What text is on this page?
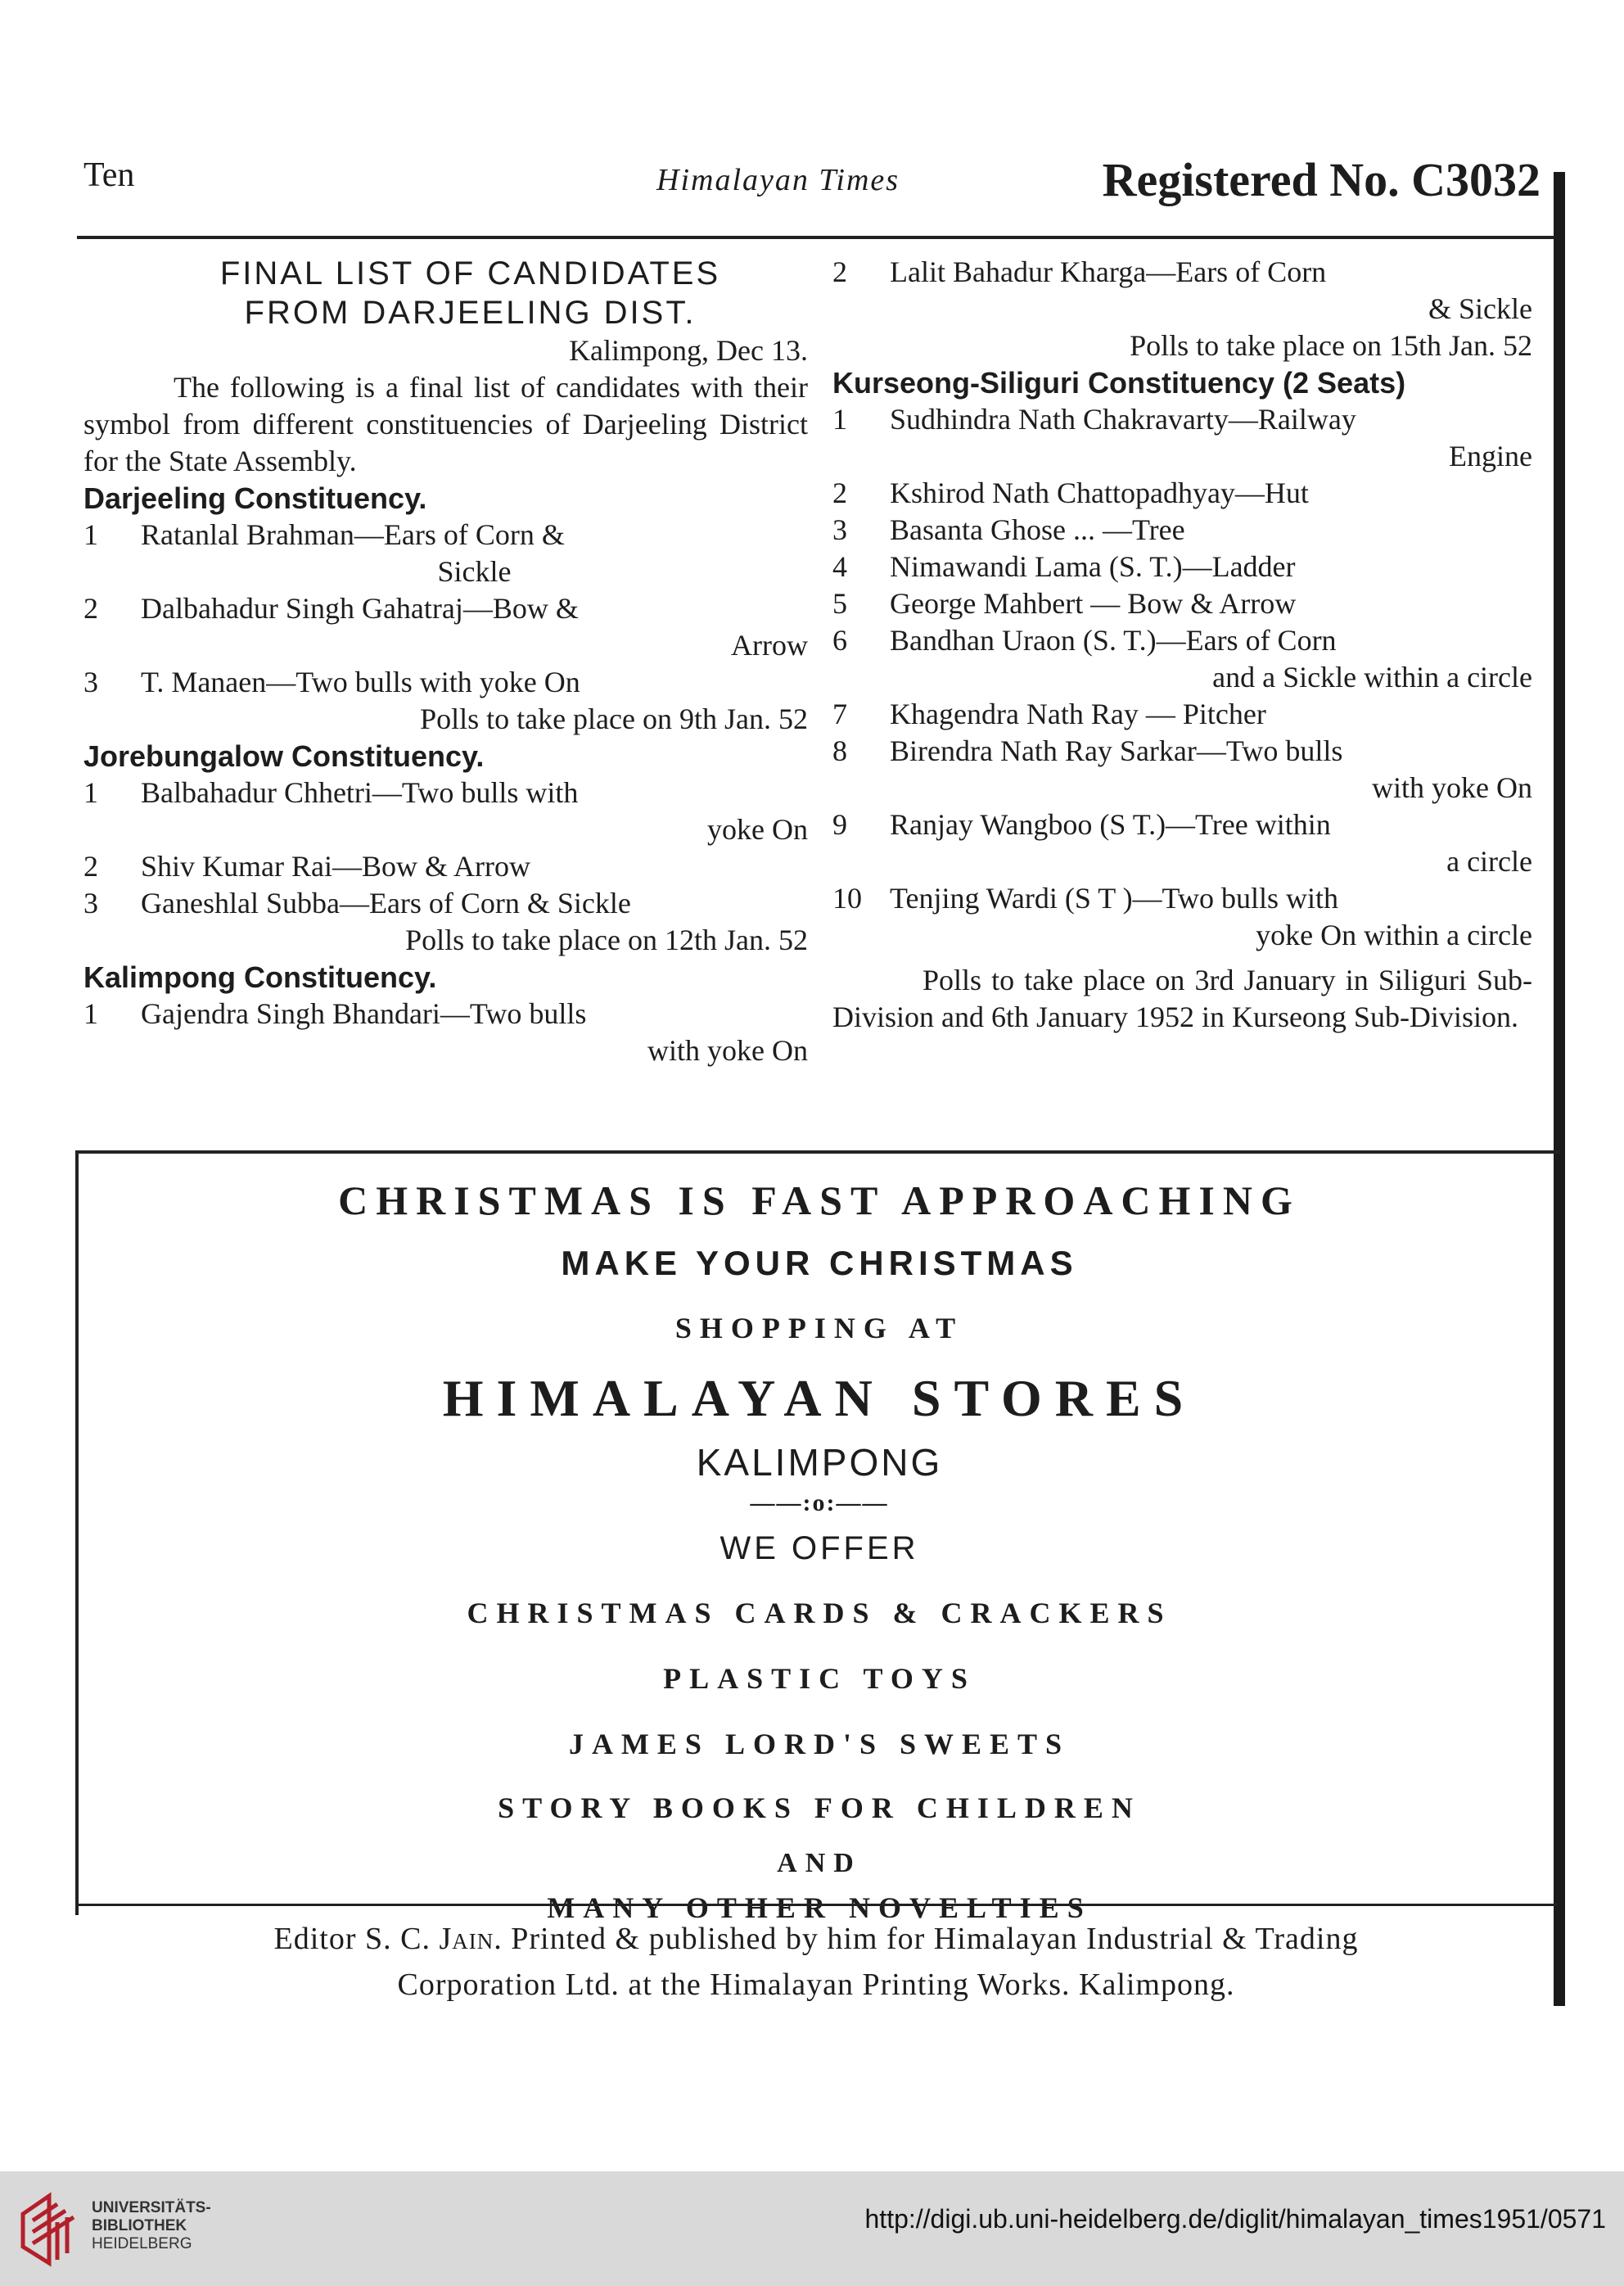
Ten	Himalayan Times	Registered No. C3032
FINAL LIST OF CANDIDATES
FROM DARJEELING DIST.
Kalimpong, Dec 13.
The following is a final list of candidates with their symbol from different constituencies of Darjeeling District for the State Assembly.
Darjeeling Constituency.
1 Ratanlal Brahman—Ears of Corn &
Sickle
2 Dalbahadur Singh Gahatraj—Bow &
Arrow
3 T. Manaen—Two bulls with yoke On
Polls to take place on 9th Jan. 52
Jorebungalow Constituency.
1 Balbahadur Chhetri—Two bulls with
yoke On
2 Shiv Kumar Rai—Bow & Arrow
3 Ganeshlal Subba—Ears of Corn & Sickle
Polls to take place on 12th Jan. 52
Kalimpong Constituency.
1 Gajendra Singh Bhandari—Two bulls
with yoke On
2 Lalit Bahadur Kharga—Ears of Corn
& Sickle
Polls to take place on 15th Jan. 52
Kurseong-Siliguri Constituency (2 Seats)
1 Sudhindra Nath Chakravarty—Railway
Engine
2 Kshirod Nath Chattopadhyay—Hut
3 Basanta Ghose ... —Tree
4 Nimawandi Lama (S. T.)—Ladder
5 George Mahbert — Bow & Arrow
6 Bandhan Uraon (S. T.)—Ears of Corn
and a Sickle within a circle
7 Khagendra Nath Ray — Pitcher
8 Birendra Nath Ray Sarkar—Two bulls
with yoke On
9 Ranjay Wangboo (S T.)—Tree within
a circle
10 Tenjing Wardi (S T )—Two bulls with
yoke On within a circle
Polls to take place on 3rd January in Siliguri Sub-Division and 6th January 1952 in Kurseong Sub-Division.
CHRISTMAS IS FAST APPROACHING
MAKE YOUR CHRISTMAS
SHOPPING AT
HIMALAYAN STORES
KALIMPONG
——:o:——
WE OFFER
CHRISTMAS CARDS & CRACKERS
PLASTIC TOYS
JAMES LORD'S SWEETS
STORY BOOKS FOR CHILDREN
AND
MANY OTHER NOVELTIES
Editor S. C. Jain. Printed & published by him for Himalayan Industrial & Trading
Corporation Ltd. at the Himalayan Printing Works. Kalimpong.
UNIVERSITÄTS-
BIBLIOTHEK
HEIDELBERG
http://digi.ub.uni-heidelberg.de/diglit/himalayan_times1951/0571
